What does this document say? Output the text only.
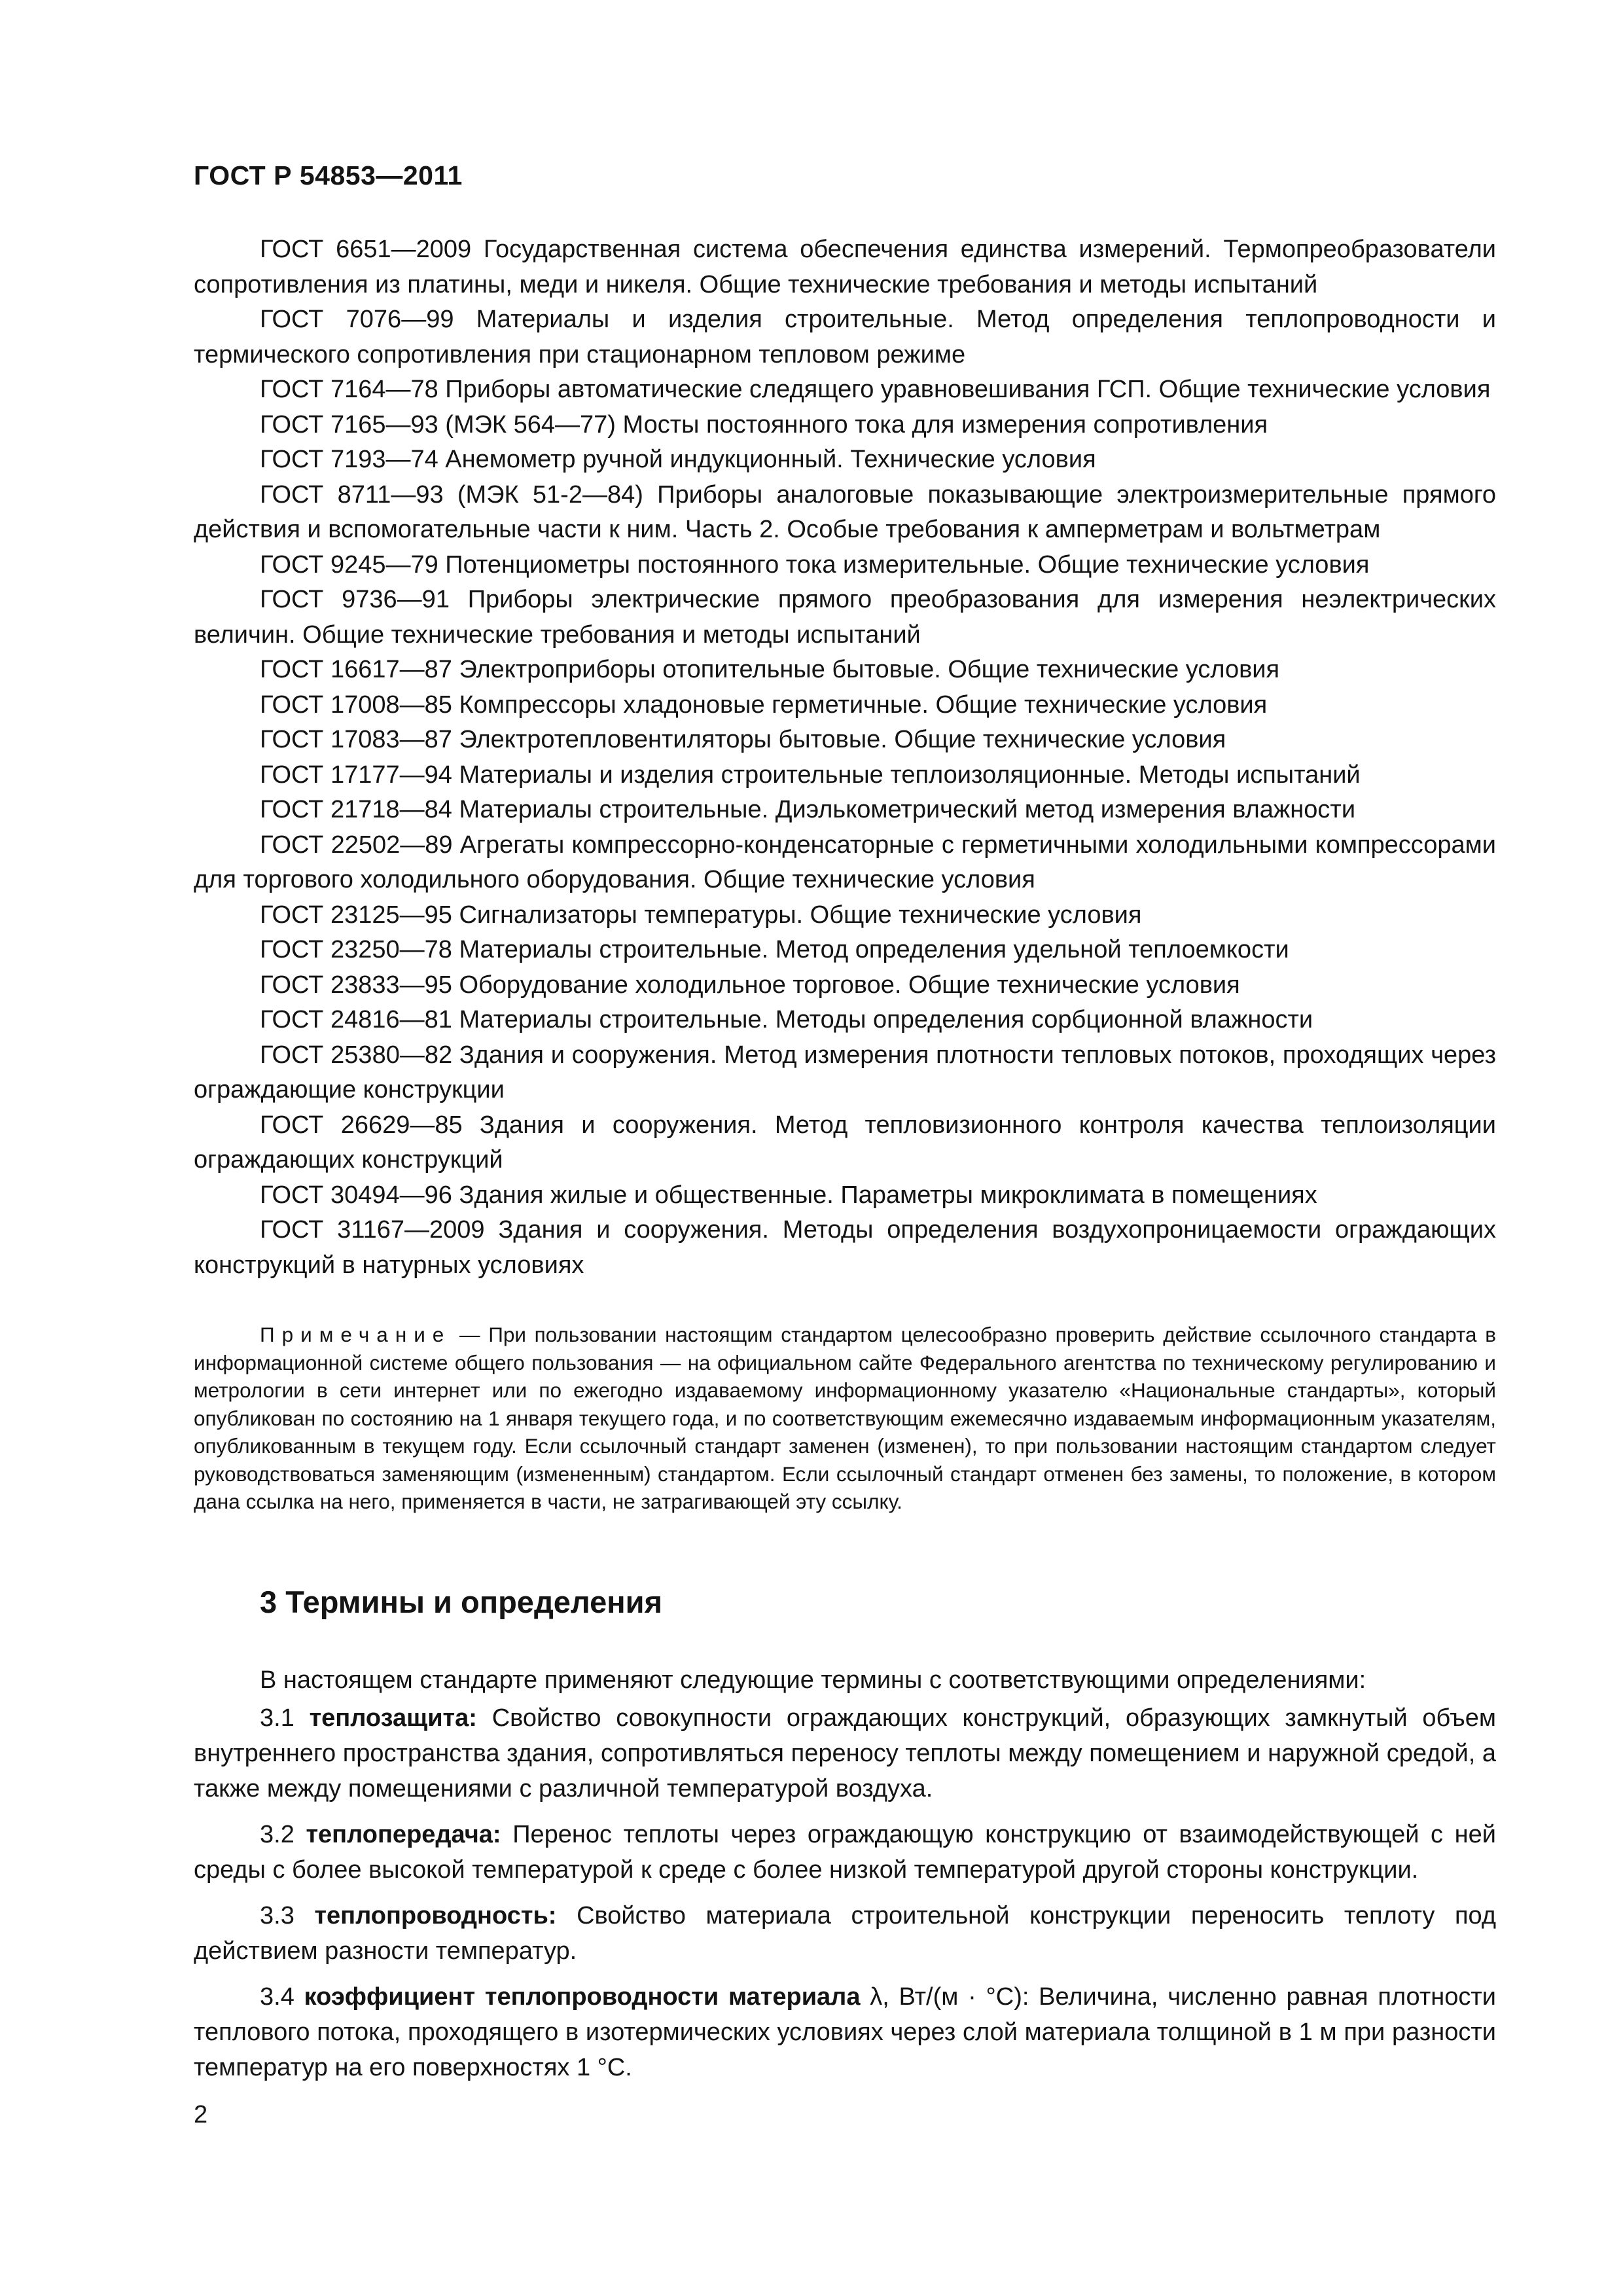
ГОСТ Р 54853—2011

ГОСТ 6651—2009 Государственная система обеспечения единства измерений. Термопреобразователи сопротивления из платины, меди и никеля. Общие технические требования и методы испытаний

ГОСТ 7076—99 Материалы и изделия строительные. Метод определения теплопроводности и термического сопротивления при стационарном тепловом режиме

ГОСТ 7164—78 Приборы автоматические следящего уравновешивания ГСП. Общие технические условия

ГОСТ 7165—93 (МЭК 564—77) Мосты постоянного тока для измерения сопротивления

ГОСТ 7193—74 Анемометр ручной индукционный. Технические условия

ГОСТ 8711—93 (МЭК 51-2—84) Приборы аналоговые показывающие электроизмерительные прямого действия и вспомогательные части к ним. Часть 2. Особые требования к амперметрам и вольтметрам

ГОСТ 9245—79 Потенциометры постоянного тока измерительные. Общие технические условия

ГОСТ 9736—91 Приборы электрические прямого преобразования для измерения неэлектрических величин. Общие технические требования и методы испытаний

ГОСТ 16617—87 Электроприборы отопительные бытовые. Общие технические условия

ГОСТ 17008—85 Компрессоры хладоновые герметичные. Общие технические условия

ГОСТ 17083—87 Электротепловентиляторы бытовые. Общие технические условия

ГОСТ 17177—94 Материалы и изделия строительные теплоизоляционные. Методы испытаний

ГОСТ 21718—84 Материалы строительные. Диэлькометрический метод измерения влажности

ГОСТ 22502—89 Агрегаты компрессорно-конденсаторные с герметичными холодильными компрессорами для торгового холодильного оборудования. Общие технические условия

ГОСТ 23125—95 Сигнализаторы температуры. Общие технические условия

ГОСТ 23250—78 Материалы строительные. Метод определения удельной теплоемкости

ГОСТ 23833—95 Оборудование холодильное торговое. Общие технические условия

ГОСТ 24816—81 Материалы строительные. Методы определения сорбционной влажности

ГОСТ 25380—82 Здания и сооружения. Метод измерения плотности тепловых потоков, проходящих через ограждающие конструкции

ГОСТ 26629—85 Здания и сооружения. Метод тепловизионного контроля качества теплоизоляции ограждающих конструкций

ГОСТ 30494—96 Здания жилые и общественные. Параметры микроклимата в помещениях

ГОСТ 31167—2009 Здания и сооружения. Методы определения воздухопроницаемости ограждающих конструкций в натурных условиях

Примечание — При пользовании настоящим стандартом целесообразно проверить действие ссылочного стандарта в информационной системе общего пользования — на официальном сайте Федерального агентства по техническому регулированию и метрологии в сети интернет или по ежегодно издаваемому информационному указателю «Национальные стандарты», который опубликован по состоянию на 1 января текущего года, и по соответствующим ежемесячно издаваемым информационным указателям, опубликованным в текущем году. Если ссылочный стандарт заменен (изменен), то при пользовании настоящим стандартом следует руководствоваться заменяющим (измененным) стандартом. Если ссылочный стандарт отменен без замены, то положение, в котором дана ссылка на него, применяется в части, не затрагивающей эту ссылку.

3 Термины и определения

В настоящем стандарте применяют следующие термины с соответствующими определениями:

3.1 теплозащита: Свойство совокупности ограждающих конструкций, образующих замкнутый объем внутреннего пространства здания, сопротивляться переносу теплоты между помещением и наружной средой, а также между помещениями с различной температурой воздуха.

3.2 теплопередача: Перенос теплоты через ограждающую конструкцию от взаимодействующей с ней среды с более высокой температурой к среде с более низкой температурой другой стороны конструкции.

3.3 теплопроводность: Свойство материала строительной конструкции переносить теплоту под действием разности температур.

3.4 коэффициент теплопроводности материала λ, Вт/(м · °С): Величина, численно равная плотности теплового потока, проходящего в изотермических условиях через слой материала толщиной в 1 м при разности температур на его поверхностях 1 °С.

2
